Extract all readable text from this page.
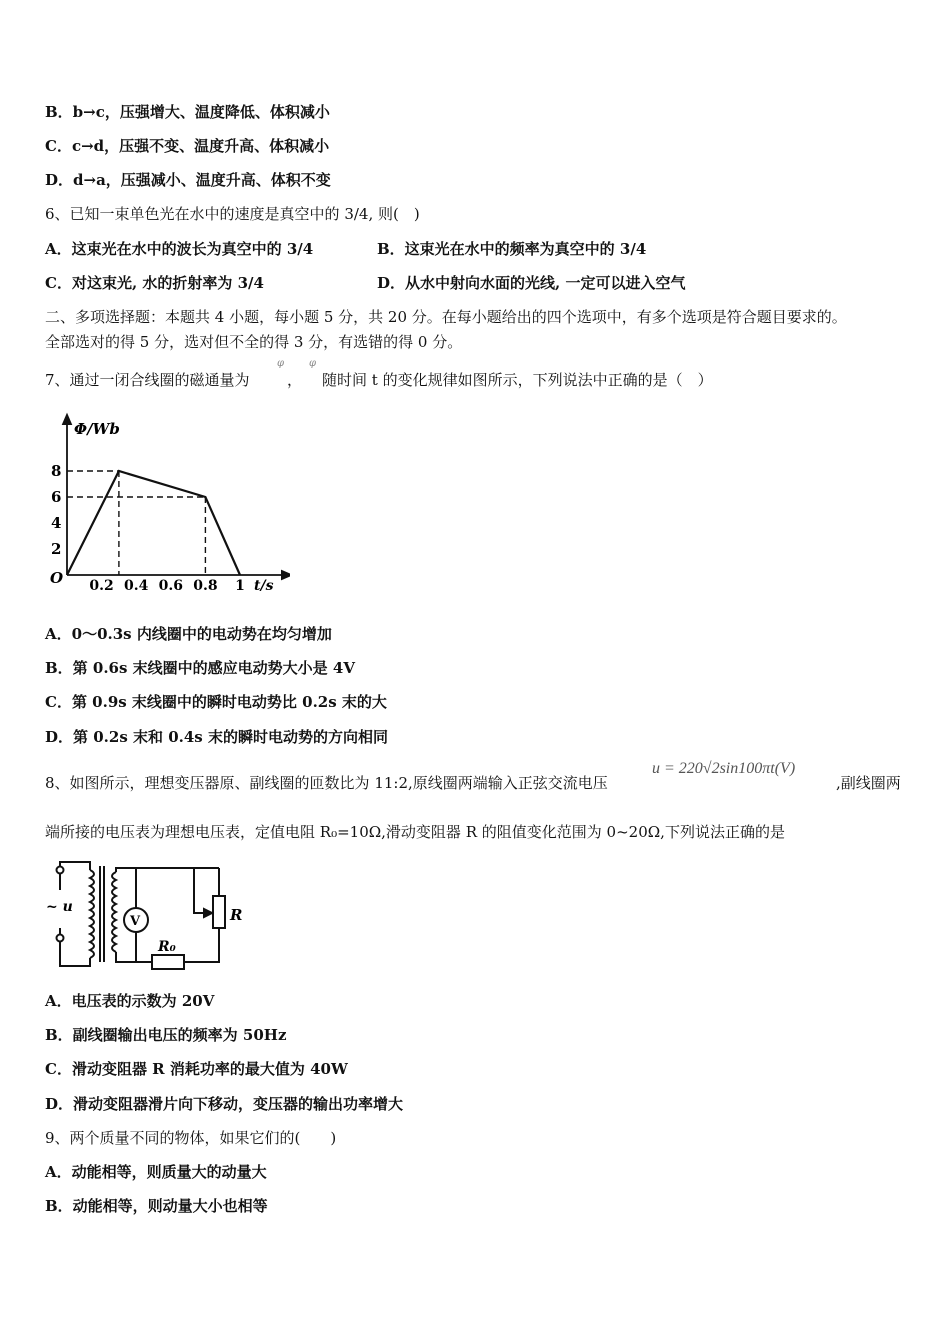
B．b→c，压强增大、温度降低、体积减小
C．c→d，压强不变、温度升高、体积减小
D．d→a，压强减小、温度升高、体积不变
6、已知一束单色光在水中的速度是真空中的 3/4, 则(　)
A．这束光在水中的波长为真空中的 3/4	B．这束光在水中的频率为真空中的 3/4
C．对这束光, 水的折射率为 3/4	D．从水中射向水面的光线, 一定可以进入空气
二、多项选择题：本题共 4 小题，每小题 5 分，共 20 分。在每小题给出的四个选项中，有多个选项是符合题目要求的。
全部选对的得 5 分，选对但不全的得 3 分，有选错的得 0 分。
7、通过一闭合线圈的磁通量为
φ
，
φ
随时间 t 的变化规律如图所示，下列说法中正确的是（　）
Φ/Wb
O	t/s
2
4
6
8
0.2 0.4 0.6 0.8 1
A．0～0.3s 内线圈中的电动势在均匀增加
B．第 0.6s 末线圈中的感应电动势大小是 4V
C．第 0.9s 末线圈中的瞬时电动势比 0.2s 末的大
D．第 0.2s 末和 0.4s 末的瞬时电动势的方向相同
8、如图所示，理想变压器原、副线圈的匝数比为 11:2,原线圈两端输入正弦交流电压
u = 220√2sin100πt(V)
,副线圈两
端所接的电压表为理想电压表，定值电阻 R₀=10Ω,滑动变阻器 R 的阻值变化范围为 0~20Ω,下列说法正确的是
~ u
V
R₀
R
A．电压表的示数为 20V
B．副线圈输出电压的频率为 50Hz
C．滑动变阻器 R 消耗功率的最大值为 40W
D．滑动变阻器滑片向下移动，变压器的输出功率增大
9、两个质量不同的物体，如果它们的(　　)
A．动能相等，则质量大的动量大
B．动能相等，则动量大小也相等
